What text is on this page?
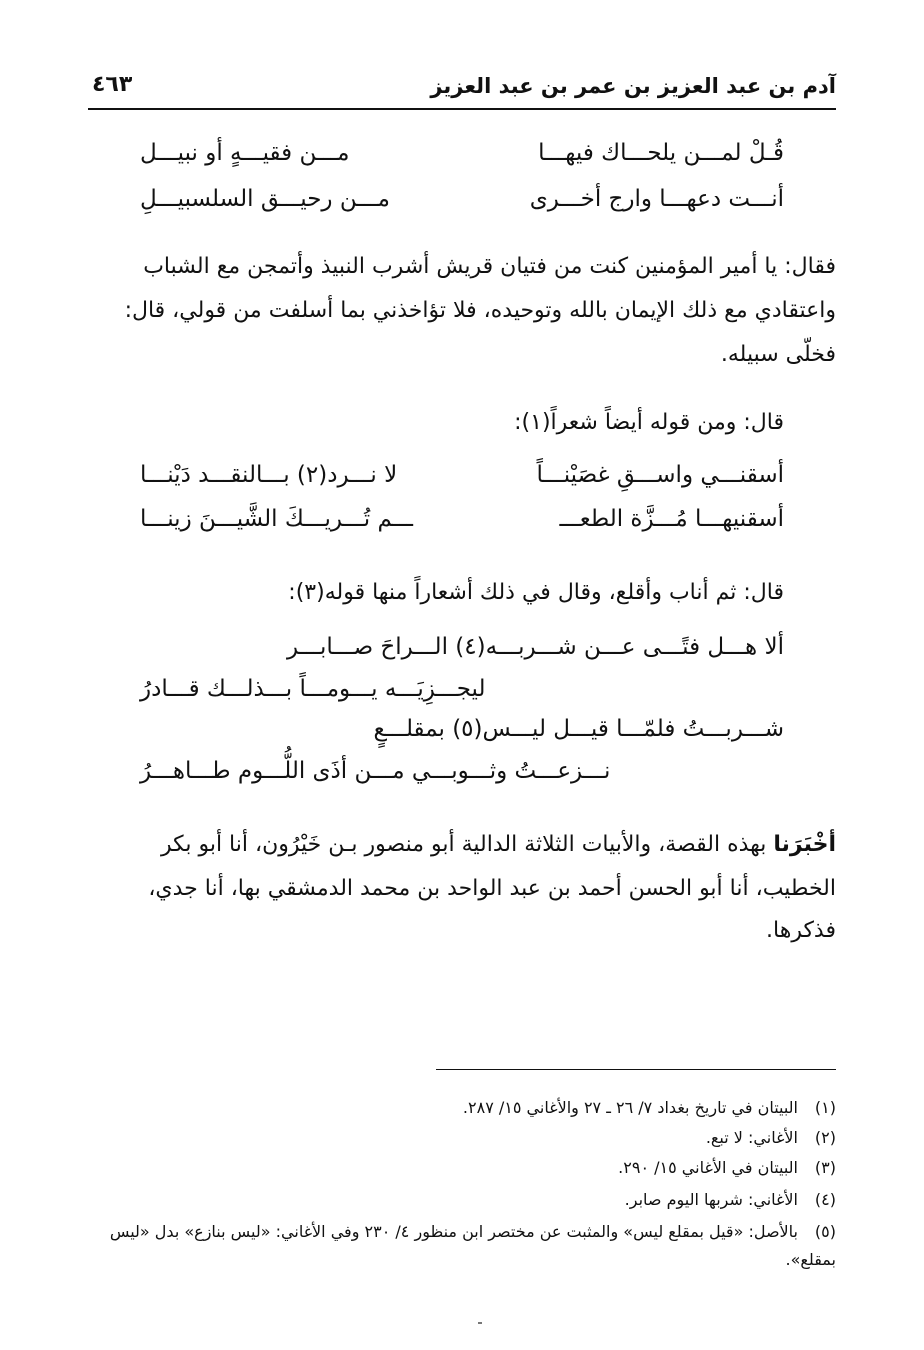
آدم بن عبد العزيز بن عمر بن عبد العزيز
٤٦٣
قُـلْ لمـــن يلحـــاك فيهـــا
مـــن فقيـــهٍ أو نبيـــل
أنـــت دعهـــا وارج أخـــرى
مـــن رحيـــق السلسبيـــلِ
فقال: يا أمير المؤمنين كنت من فتيان قريش أشرب النبيذ وأتمجن مع الشباب
واعتقادي مع ذلك الإيمان بالله وتوحيده، فلا تؤاخذني بما أسلفت من قولي، قال:
فخلّى سبيله.
قال: ومن قوله أيضاً شعراً(١):
أسقنـــي واســـقِ غصَيْنـــاً
لا نـــرد(٢) بـــالنقـــد دَيْنـــا
أسقنيهـــا مُـــزَّة الطعـــ
ـــم تُـــريـــكَ الشَّيـــنَ زينـــا
قال: ثم أناب وأقلع، وقال في ذلك أشعاراً منها قوله(٣):
ألا هـــل فتًـــى عـــن شـــربـــه(٤) الـــراحَ صـــابـــر
ليجـــزِيَـــه يـــومـــاً بـــذلـــك قـــادرُ
شـــربـــتُ فلمّـــا قيـــل ليـــس(٥) بمقلـــعٍ
نـــزعـــتُ وثـــوبـــي مـــن أذَى اللُّـــوم طـــاهـــرُ
أخْبَرَنا بهذه القصة، والأبيات الثلاثة الدالية أبو منصور بـن خَيْرُون، أنا أبو بكر
الخطيب، أنا أبو الحسن أحمد بن عبد الواحد بن محمد الدمشقي بها، أنا جدي،
فذكرها.
(١)البيتان في تاريخ بغداد ٧/ ٢٦ ـ ٢٧ والأغاني ١٥/ ٢٨٧.
(٢)الأغاني: لا تبع.
(٣)البيتان في الأغاني ١٥/ ٢٩٠.
(٤)الأغاني: شربها اليوم صابر.
(٥)بالأصل: «قيل بمقلع ليس» والمثبت عن مختصر ابن منظور ٤/ ٢٣٠ وفي الأغاني: «ليس بنازع» بدل «ليس بمقلع».
